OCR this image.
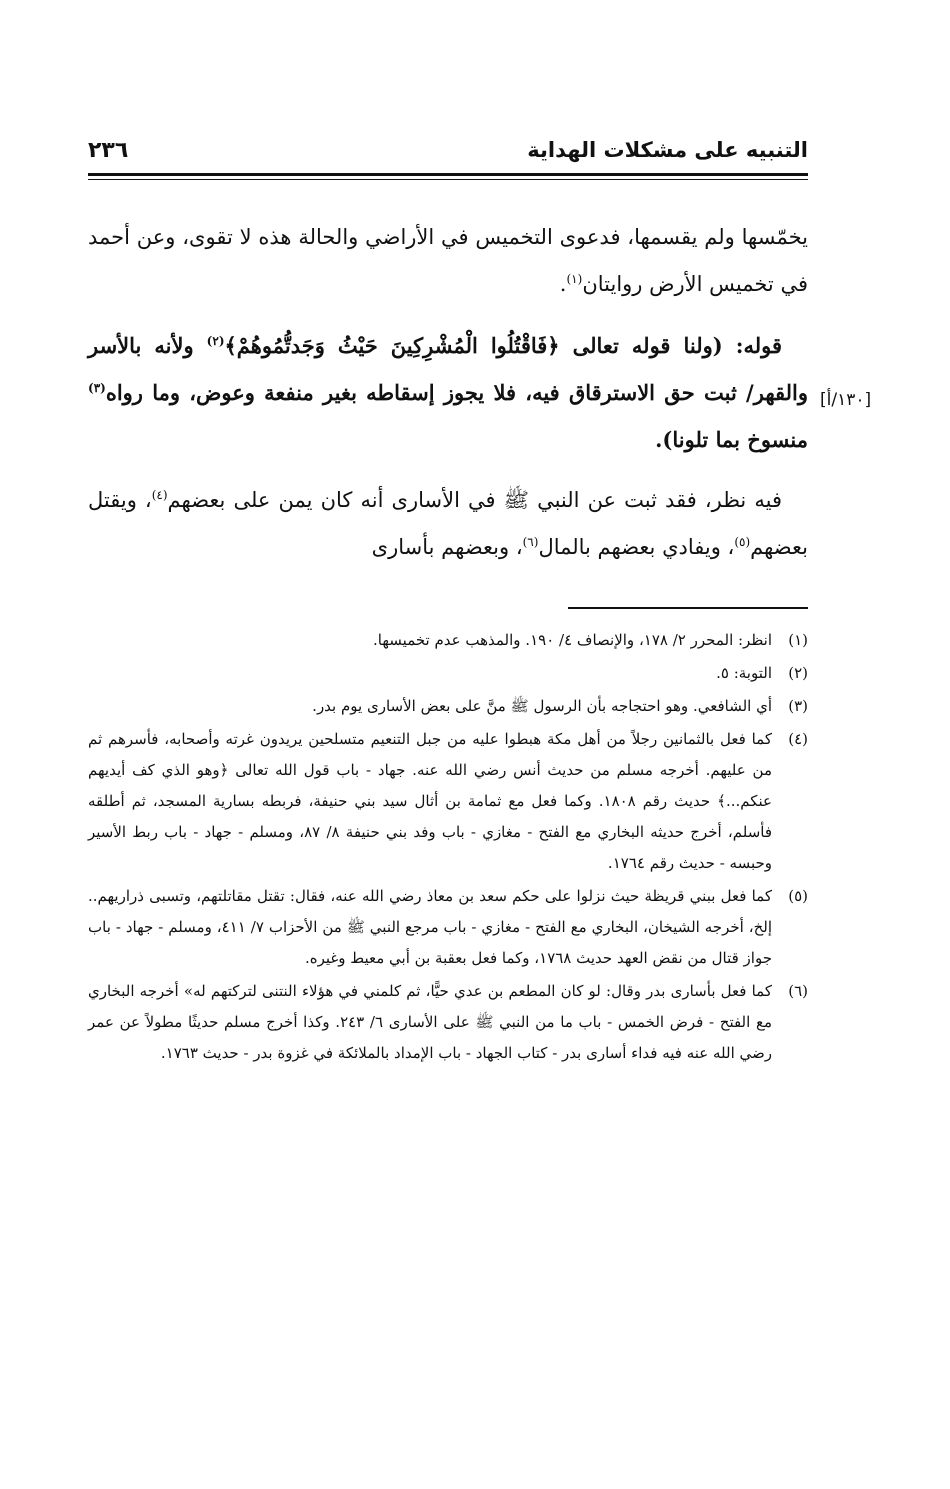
التنبيه على مشكلات الهداية
٢٣٦
[١٣٠/أ]

يخمّسها ولم يقسمها، فدعوى التخميس في الأراضي والحالة هذه لا تقوى، وعن أحمد في تخميس الأرض روايتان$^{(١)}$.

قوله: (ولنا قوله تعالى ﴿فَاقْتُلُوا الْمُشْرِكِينَ حَيْثُ وَجَدتُّمُوهُمْ﴾$^{(٢)}$ ولأنه بالأسر والقهر/ ثبت حق الاسترقاق فيه، فلا يجوز إسقاطه بغير منفعة وعوض، وما رواه$^{(٣)}$ منسوخ بما تلونا).

فيه نظر، فقد ثبت عن النبي ﷺ في الأسارى أنه كان يمن على بعضهم$^{(٤)}$، ويقتل بعضهم$^{(٥)}$، ويفادي بعضهم بالمال$^{(٦)}$، وبعضهم بأسارى

(١)
انظر: المحرر ٢/ ١٧٨، والإنصاف ٤/ ١٩٠. والمذهب عدم تخميسها.
(٢)
التوبة: ٥.
(٣)
أي الشافعي. وهو احتجاجه بأن الرسول ﷺ منَّ على بعض الأسارى يوم بدر.
(٤)
كما فعل بالثمانين رجلاً من أهل مكة هبطوا عليه من جبل التنعيم متسلحين يريدون غرته وأصحابه، فأسرهم ثم من عليهم. أخرجه مسلم من حديث أنس رضي الله عنه. جهاد - باب قول الله تعالى ﴿وهو الذي كف أيديهم عنكم...﴾ حديث رقم ١٨٠٨. وكما فعل مع ثمامة بن أثال سيد بني حنيفة، فربطه بسارية المسجد، ثم أطلقه فأسلم، أخرج حديثه البخاري مع الفتح - مغازي - باب وفد بني حنيفة ٨/ ٨٧، ومسلم - جهاد - باب ربط الأسير وحبسه - حديث رقم ١٧٦٤.
(٥)
كما فعل ببني قريظة حيث نزلوا على حكم سعد بن معاذ رضي الله عنه، فقال: تقتل مقاتلتهم، وتسبى ذراريهم.. إلخ، أخرجه الشيخان، البخاري مع الفتح - مغازي - باب مرجع النبي ﷺ من الأحزاب ٧/ ٤١١، ومسلم - جهاد - باب جواز قتال من نقض العهد حديث ١٧٦٨، وكما فعل بعقبة بن أبي معيط وغيره.
(٦)
كما فعل بأسارى بدر وقال: لو كان المطعم بن عدي حيًّا، ثم كلمني في هؤلاء النتنى لتركتهم له» أخرجه البخاري مع الفتح - فرض الخمس - باب ما من النبي ﷺ على الأسارى ٦/ ٢٤٣. وكذا أخرج مسلم حديثًا مطولاً عن عمر رضي الله عنه فيه فداء أسارى بدر - كتاب الجهاد - باب الإمداد بالملائكة في غزوة بدر - حديث ١٧٦٣.
